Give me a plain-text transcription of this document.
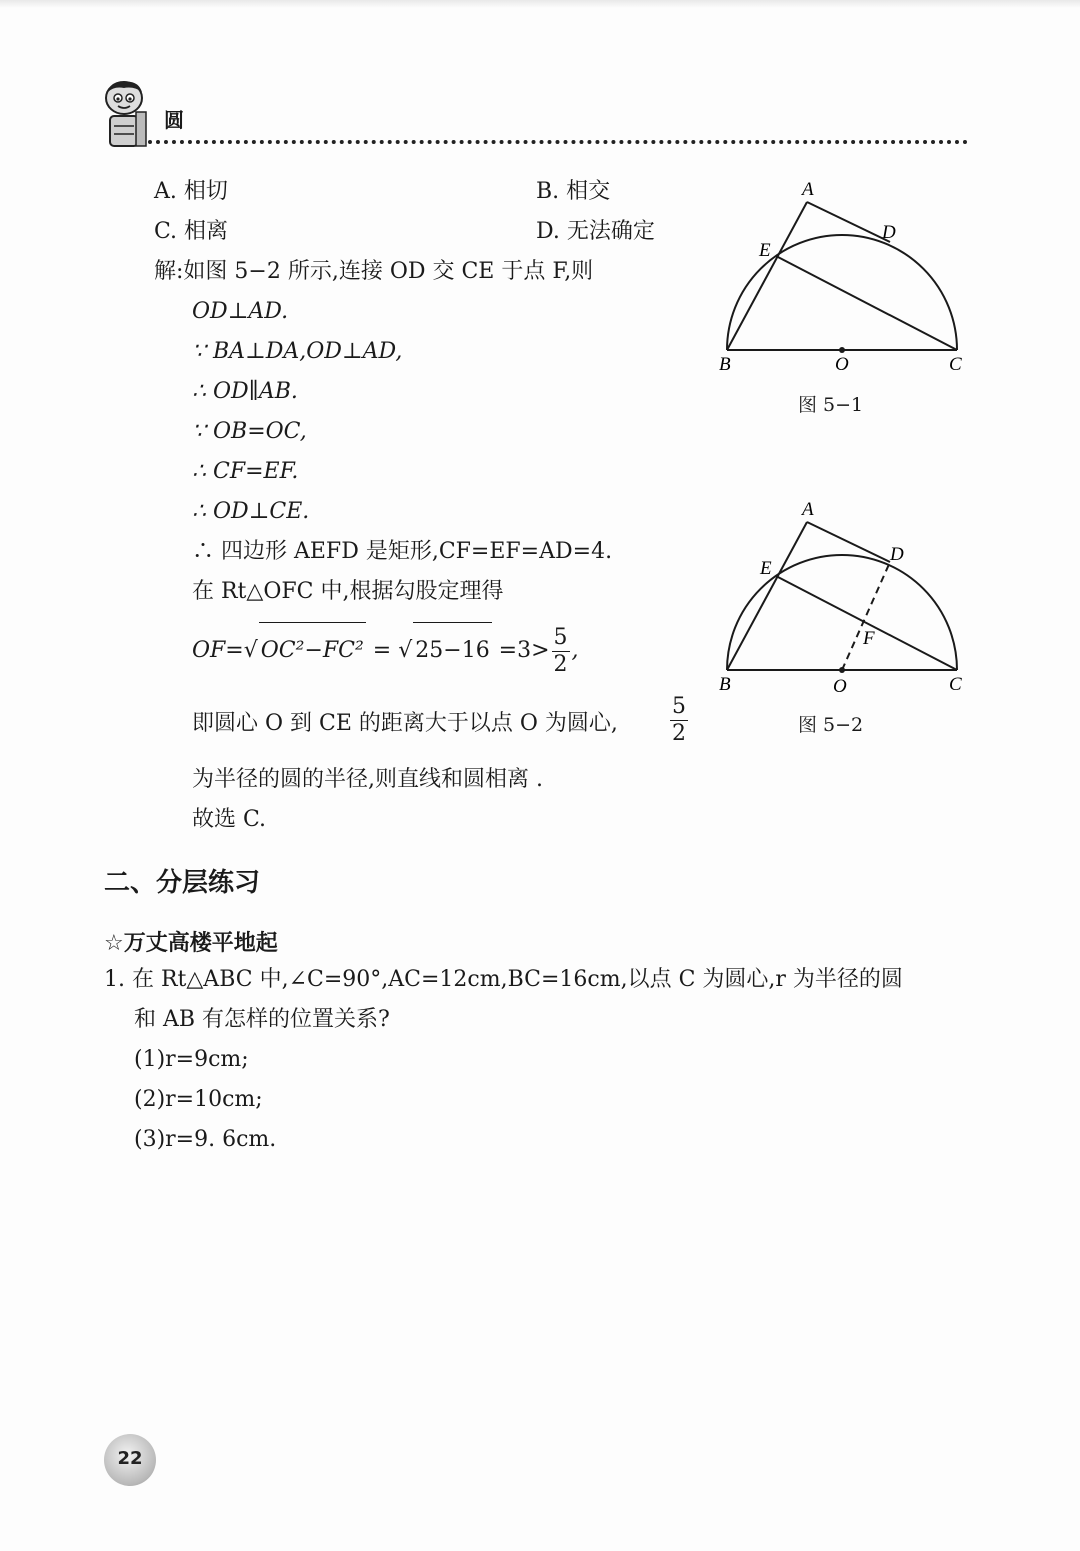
圆
A. 相切	B. 相交
C. 相离	D. 无法确定
解:如图 5−2 所示,连接 OD 交 CE 于点 F,则
OD⊥AD.
∵ BA⊥DA,OD⊥AD,
∴ OD∥AB.
∵ OB=OC,
∴ CF=EF.
∴ OD⊥CE.
∴ 四边形 AEFD 是矩形,CF=EF=AD=4.
在 Rt△OFC 中,根据勾股定理得
OF=√ OC²−FC² = √ $25-16 =3> \frac{5}{2}$ ,
即圆心 O 到 CE 的距离大于以点 O 为圆心, $\frac{5}{2}$
为半径的圆的半径,则直线和圆相离 .
故选 C.
A
D
E
B	O	C
图 5−1
A
D
E
F
B	O	C
图 5−2
二、分层练习
☆万丈高楼平地起
1. 在 Rt△ABC 中,∠C=90°,AC=12cm,BC=16cm,以点 C 为圆心,r 为半径的圆
和 AB 有怎样的位置关系?
(1)r=9cm;
(2)r=10cm;
(3)r=9. 6cm.
22
